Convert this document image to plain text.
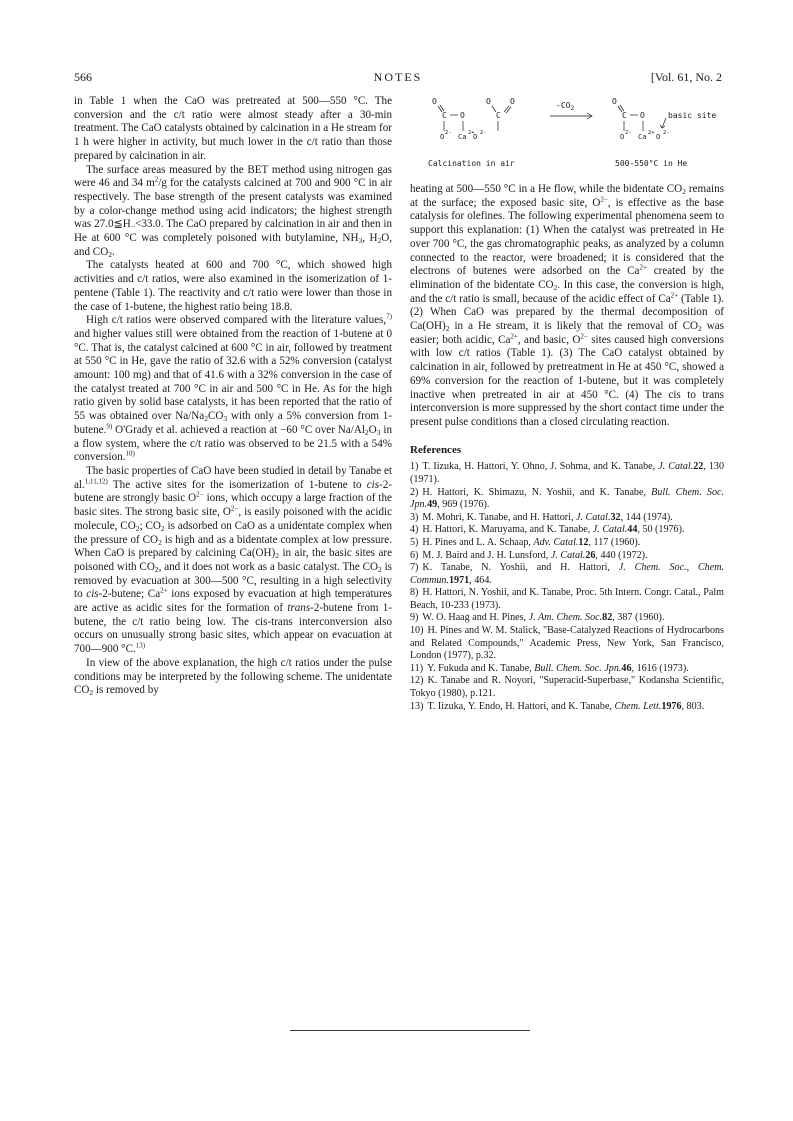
566	NOTES	[Vol. 61, No. 2

in Table 1 when the CaO was pretreated at 500—550 °C. The conversion and the c/t ratio were almost steady after a 30-min treatment. The CaO catalysts obtained by calcination in a He stream for 1 h were higher in activity, but much lower in the c/t ratio than those prepared by calcination in air.

The surface areas measured by the BET method using nitrogen gas were 46 and 34 $m^2/g$ for the catalysts calcined at 700 and 900 °C in air respectively. The base strength of the present catalysts was examined by a color-change method using acid indicators; the highest strength was $27.0≦H_-<33.0$. The CaO prepared by calcination in air and then in He at 600 °C was completely poisoned with butylamine, $NH_3$, $H_2O$, and $CO_2$.

The catalysts heated at 600 and 700 °C, which showed high activities and c/t ratios, were also examined in the isomerization of 1-pentene (Table 1). The reactivity and c/t ratio were lower than those in the case of 1-butene, the highest ratio being 18.8.

High c/t ratios were observed compared with the literature values,$^{7)}$ and higher values still were obtained from the reaction of 1-butene at 0 °C. That is, the catalyst calcined at 600 °C in air, followed by treatment at 550 °C in He, gave the ratio of 32.6 with a 52% conversion (catalyst amount: 100 mg) and that of 41.6 with a 32% conversion in the case of the catalyst treated at 700 °C in air and 500 °C in He. As for the high ratio given by solid base catalysts, it has been reported that the ratio of 55 was obtained over $Na/Na_2CO_3$ with only a 5% conversion from 1-butene.$^{9)}$ O'Grady et al. achieved a reaction at −60 °C over $Na/Al_2O_3$ in a flow system, where the c/t ratio was observed to be 21.5 with a 54% conversion.$^{10)}$

The basic properties of CaO have been studied in detail by Tanabe et al.$^{1,11,12)}$ The active sites for the isomerization of 1-butene to cis-2-butene are strongly basic $O^{2-}$ ions, which occupy a large fraction of the basic sites. The strong basic site, $O^{2-}$, is easily poisoned with the acidic molecule, $CO_2$; $CO_2$ is adsorbed on CaO as a unidentate complex when the pressure of $CO_2$ is high and as a bidentate complex at low pressure. When CaO is prepared by calcining $Ca(OH)_2$ in air, the basic sites are poisoned with $CO_2$, and it does not work as a basic catalyst. The $CO_2$ is removed by evacuation at 300—500 °C, resulting in a high selectivity to cis-2-butene; $Ca^{2+}$ ions exposed by evacuation at high temperatures are active as acidic sites for the formation of trans-2-butene from 1-butene, the c/t ratio being low. The cis-trans interconversion also occurs on unusually strong basic sites, which appear on evacuation at 700—900 °C.$^{13)}$

In view of the above explanation, the high c/t ratios under the pulse conditions may be interpreted by the following scheme. The unidentate $CO_2$ is removed by

O
C O
O 2- Ca 2+
O
C
O
O 2-
O
C O
O 2- Ca 2+ O 2-
$-CO_2$
basic site
Calcination in air	500-550°C in He

heating at 500—550 °C in a He flow, while the bidentate $CO_2$ remains at the surface; the exposed basic site, $O^{2-}$, is effective as the base catalysis for olefines. The following experimental phenomena seem to support this explanation: (1) When the catalyst was pretreated in He over 700 °C, the gas chromatographic peaks, as analyzed by a column connected to the reactor, were broadened; it is considered that the electrons of butenes were adsorbed on the $Ca^{2+}$ created by the elimination of the bidentate $CO_2$. In this case, the conversion is high, and the c/t ratio is small, because of the acidic effect of $Ca^{2+}$ (Table 1). (2) When CaO was prepared by the thermal decomposition of $Ca(OH)_2$ in a He stream, it is likely that the removal of $CO_2$ was easier; both acidic, $Ca^{2+}$, and basic, $O^{2-}$ sites caused high conversions with low c/t ratios (Table 1). (3) The CaO catalyst obtained by calcination in air, followed by pretreatment in He at 450 °C, showed a 69% conversion for the reaction of 1-butene, but it was completely inactive when pretreated in air at 450 °C. (4) The cis to trans interconversion is more suppressed by the short contact time under the present pulse conditions than a closed circulating reaction.

References

1) T. Iizuka, H. Hattori, Y. Ohno, J. Sohma, and K. Tanabe, J. Catal.22, 130 (1971).

2) H. Hattori, K. Shimazu, N. Yoshii, and K. Tanabe, Bull. Chem. Soc. Jpn.49, 969 (1976).

3) M. Mohri, K. Tanabe, and H. Hattori, J. Catal.32, 144 (1974).

4) H. Hattori, K. Maruyama, and K. Tanabe, J. Catal.44, 50 (1976).

5) H. Pines and L. A. Schaap, Adv. Catal.12, 117 (1960).

6) M. J. Baird and J. H. Lunsford, J. Catal.26, 440 (1972).

7) K. Tanabe, N. Yoshii, and H. Hattori, J. Chem. Soc., Chem. Commun.1971, 464.

8) H. Hattori, N. Yoshii, and K. Tanabe, Proc. 5th Intern. Congr. Catal., Palm Beach, 10-233 (1973).

9) W. O. Haag and H. Pines, J. Am. Chem. Soc.82, 387 (1960).

10) H. Pines and W. M. Stalick, "Base-Catalyzed Reactions of Hydrocarbons and Related Compounds," Academic Press, New York, San Francisco, London (1977), p.32.

11) Y. Fukuda and K. Tanabe, Bull. Chem. Soc. Jpn.46, 1616 (1973).

12) K. Tanabe and R. Noyori, "Superacid-Superbase," Kodansha Scientific, Tokyo (1980), p.121.

13) T. Iizuka, Y. Endo, H. Hattori, and K. Tanabe, Chem. Lett.1976, 803.
